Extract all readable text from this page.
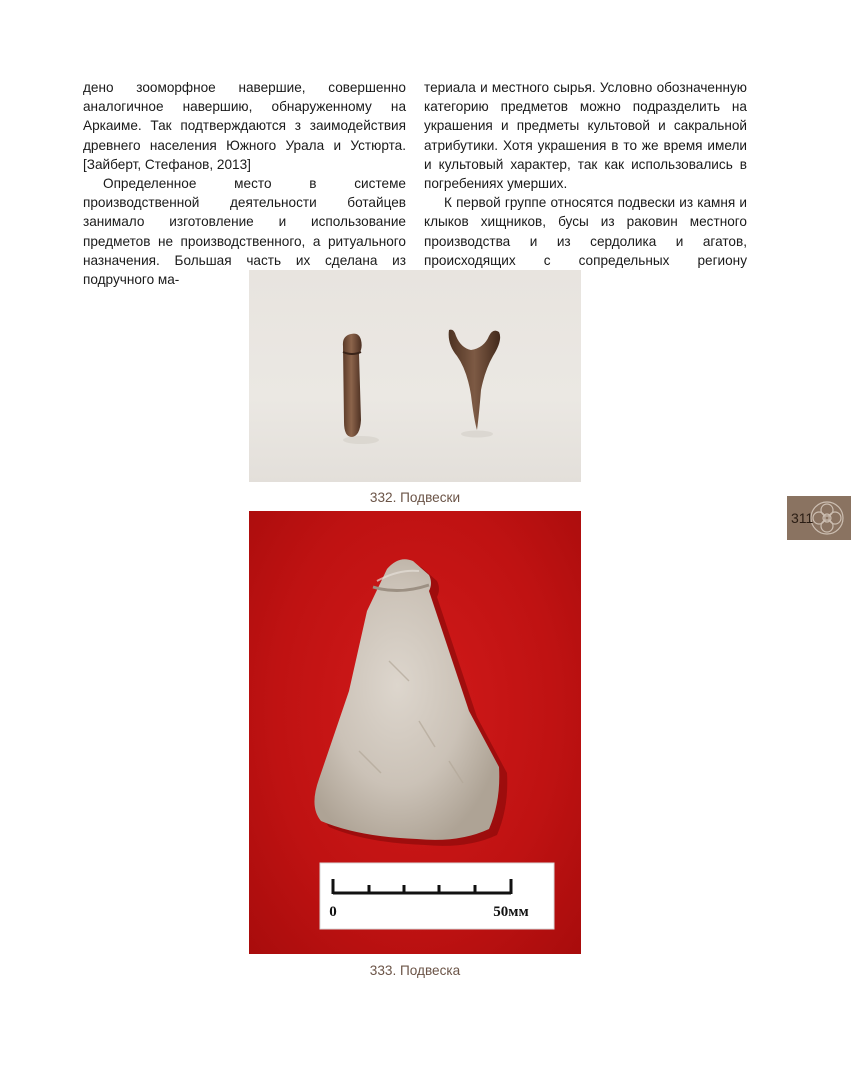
дено зооморфное навершие, совершенно аналогичное навершию, обнаруженному на Аркаиме. Так подтверждаются з заимодействия древнего населения Южного Урала и Устюрта. [Зайберт, Стефанов, 2013]

Определенное место в системе производственной деятельности ботайцев занимало изготовление и использование предметов не производственного, а ритуального назначения. Большая часть их сделана из подручного ма-

териала и местного сырья. Условно обозначенную категорию предметов можно подразделить на украшения и предметы культовой и сакральной атрибутики. Хотя украшения в то же время имели и культовый характер, так как использовались в погребениях умерших.

К первой группе относятся подвески из камня и клыков хищников, бусы из раковин местного производства и из сердолика и агатов, происходящих с сопредельных региону

332. Подвески
0	50мм
333. Подвеска
311
